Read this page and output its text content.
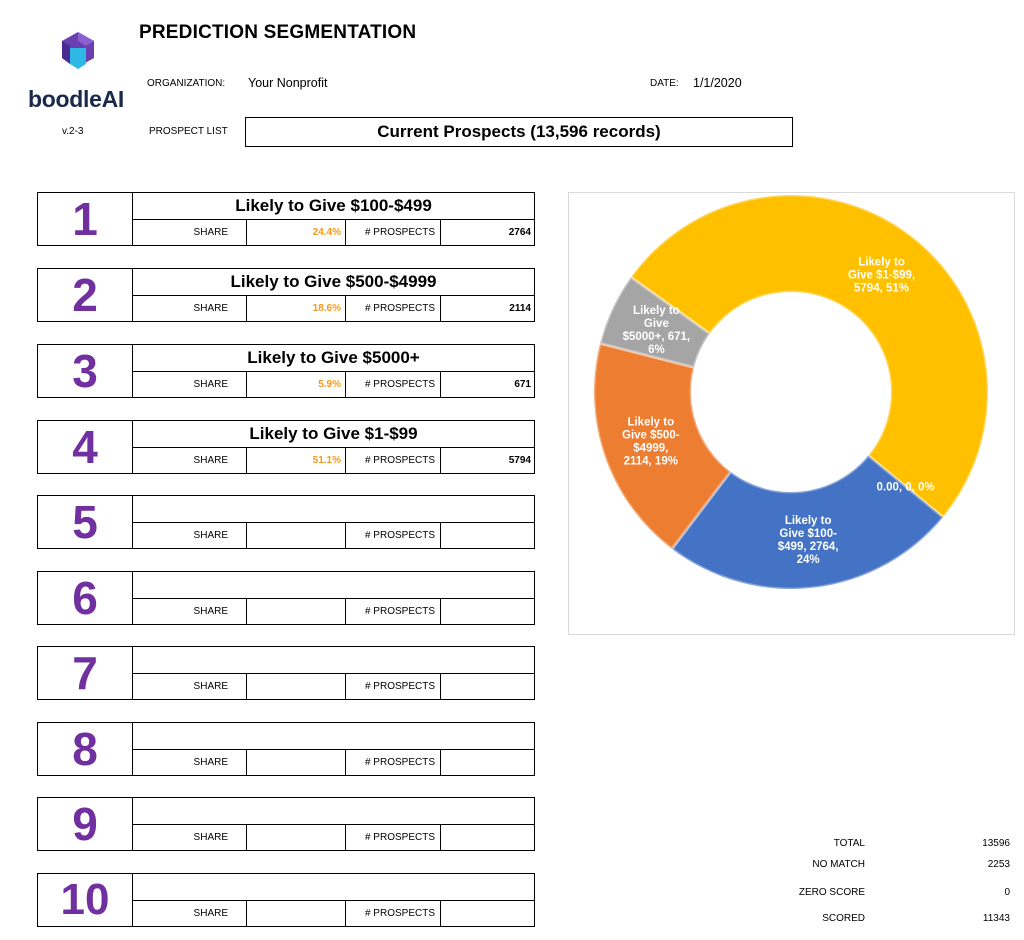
boodleAI
PREDICTION SEGMENTATION
ORGANIZATION: Your Nonprofit	DATE: 1/1/2020
v.2-3	PROSPECT LIST	Current Prospects (13,596 records)
1	Likely to Give $100-$499
SHARE	24.4%	# PROSPECTS	2764
2	Likely to Give $500-$4999
SHARE	18.6%	# PROSPECTS	2114
3	Likely to Give $5000+
SHARE	5.9%	# PROSPECTS	671
4	Likely to Give $1-$99
SHARE	51.1%	# PROSPECTS	5794
5	SHARE	# PROSPECTS
6	SHARE	# PROSPECTS
7	SHARE	# PROSPECTS
8	SHARE	# PROSPECTS
9	SHARE	# PROSPECTS
10	SHARE	# PROSPECTS
Likely to Give $1-$99, 5794, 51%
0.00, 0, 0%
Likely to Give $100-$499, 2764, 24%
Likely to Give $500-$4999, 2114, 19%
Likely to Give $5000+, 671, 6%
TOTAL	13596
NO MATCH	2253
ZERO SCORE	0
SCORED	11343
